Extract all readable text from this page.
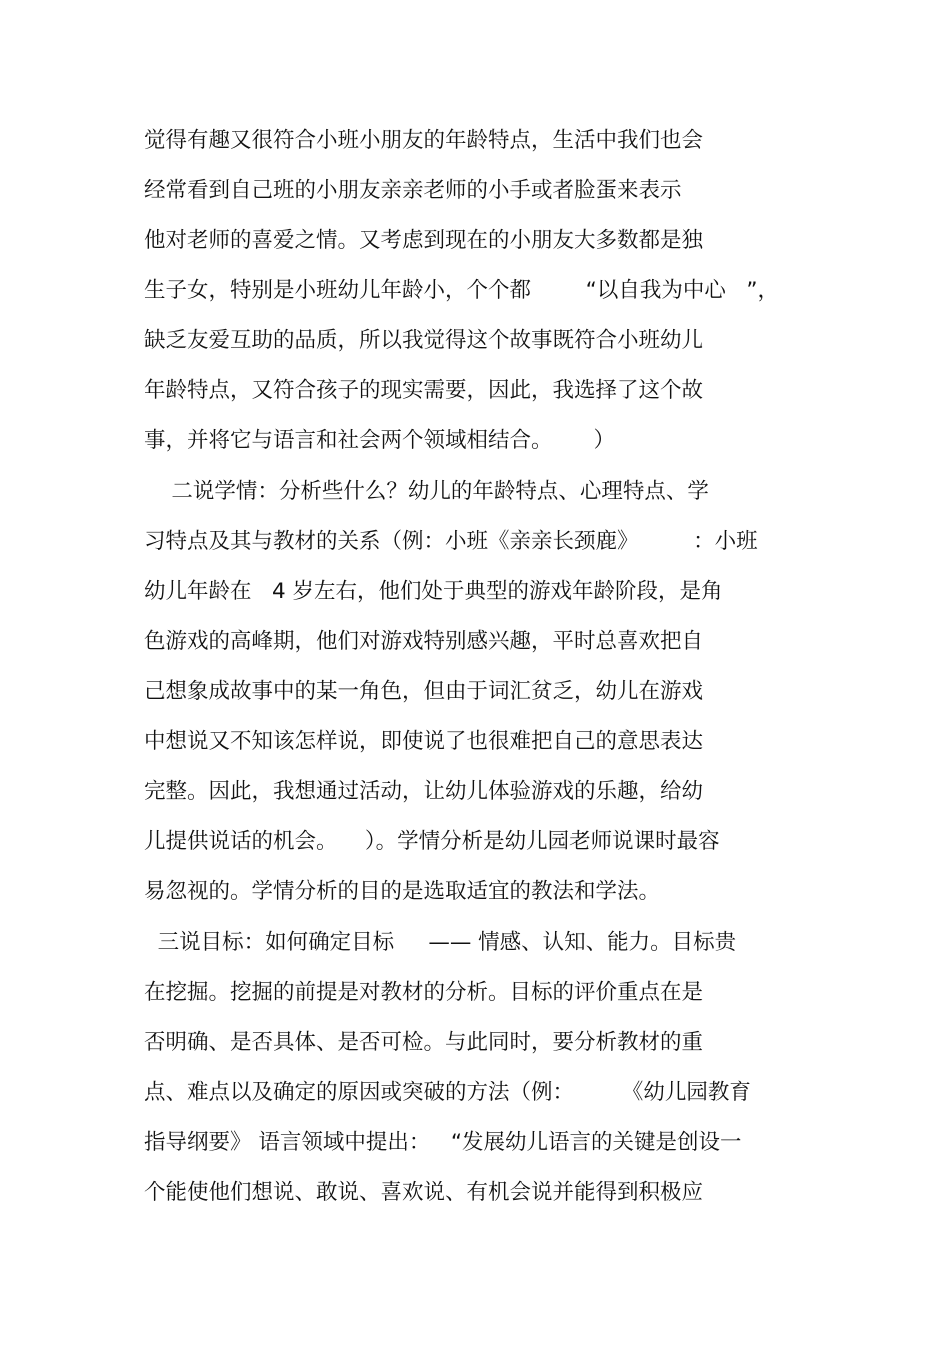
觉得有趣又很符合小班小朋友的年龄特点，生活中我们也会
经常看到自己班的小朋友亲亲老师的小手或者脸蛋来表示
他对老师的喜爱之情。又考虑到现在的小朋友大多数都是独
生子女，特别是小班幼儿年龄小，个个都        “以自我为中心   ”，
缺乏友爱互助的品质，所以我觉得这个故事既符合小班幼儿
年龄特点，又符合孩子的现实需要，因此，我选择了这个故
事，并将它与语言和社会两个领域相结合。      ）
二说学情：分析些什么？幼儿的年龄特点、心理特点、学
习特点及其与教材的关系（例：小班《亲亲长颈鹿》        ：小班
幼儿年龄在   4 岁左右，他们处于典型的游戏年龄阶段，是角
色游戏的高峰期，他们对游戏特别感兴趣，平时总喜欢把自
己想象成故事中的某一角色，但由于词汇贫乏，幼儿在游戏
中想说又不知该怎样说，即使说了也很难把自己的意思表达
完整。因此，我想通过活动，让幼儿体验游戏的乐趣，给幼
儿提供说话的机会。    ）。学情分析是幼儿园老师说课时最容
易忽视的。学情分析的目的是选取适宜的教法和学法。
三说目标：如何确定目标     —— 情感、认知、能力。目标贵
在挖掘。挖掘的前提是对教材的分析。目标的评价重点在是
否明确、是否具体、是否可检。与此同时，要分析教材的重
点、难点以及确定的原因或突破的方法（例：       《幼儿园教育
指导纲要》 语言领域中提出：   “发展幼儿语言的关键是创设一
个能使他们想说、敢说、喜欢说、有机会说并能得到积极应
